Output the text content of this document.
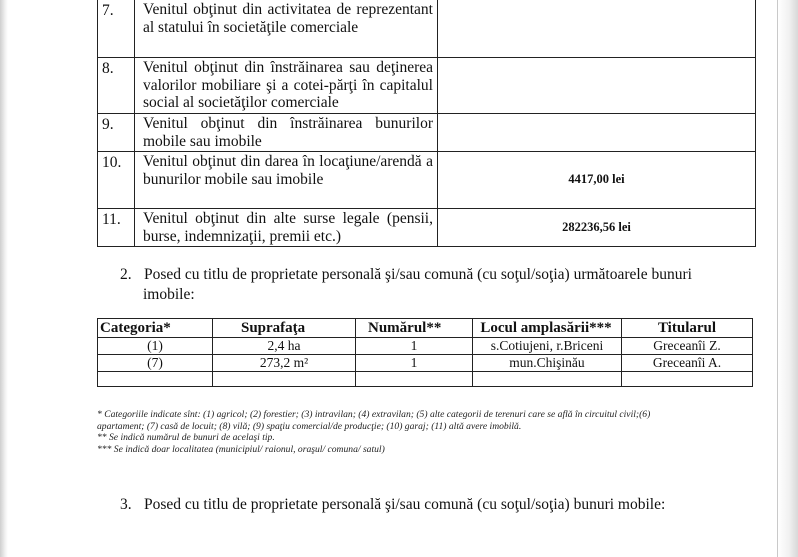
7.	Venitul obţinut din activitatea de reprezentant al statului în societăţile comerciale	
8.	Venitul obţinut din înstrăinarea sau deţinerea valorilor mobiliare şi a cotei-părţi în capitalul social al societăţilor comerciale	
9.	Venitul obţinut din înstrăinarea bunurilor mobile sau imobile	
10.	Venitul obţinut din darea în locaţiune/arendă a bunurilor mobile sau imobile	4417,00 lei
11.	Venitul obţinut din alte surse legale (pensii, burse, indemnizaţii, premii etc.)	282236,56 lei
2. Posed cu titlu de proprietate personală şi/sau comună (cu soţul/soţia) următoarele bunuri
imobile:
Categoria*	Suprafaţa	Numărul**	Locul amplasării***	Titularul
(1)	2,4 ha	1	s.Cotiujeni, r.Briceni	Greceanîi Z.
(7)	273,2 m²	1	mun.Chişinău	Greceanîi A.

* Categoriile indicate sînt: (1) agricol; (2) forestier; (3) intravilan; (4) extravilan; (5) alte categorii de terenuri care se află în circuitul civil;(6)
apartament; (7) casă de locuit; (8) vilă; (9) spaţiu comercial/de producţie; (10) garaj; (11) altă avere imobilă.
** Se indică numărul de bunuri de acelaşi tip.
*** Se indică doar localitatea (municipiul/ raionul, oraşul/ comuna/ satul)
3. Posed cu titlu de proprietate personală şi/sau comună (cu soţul/soţia) bunuri mobile:
